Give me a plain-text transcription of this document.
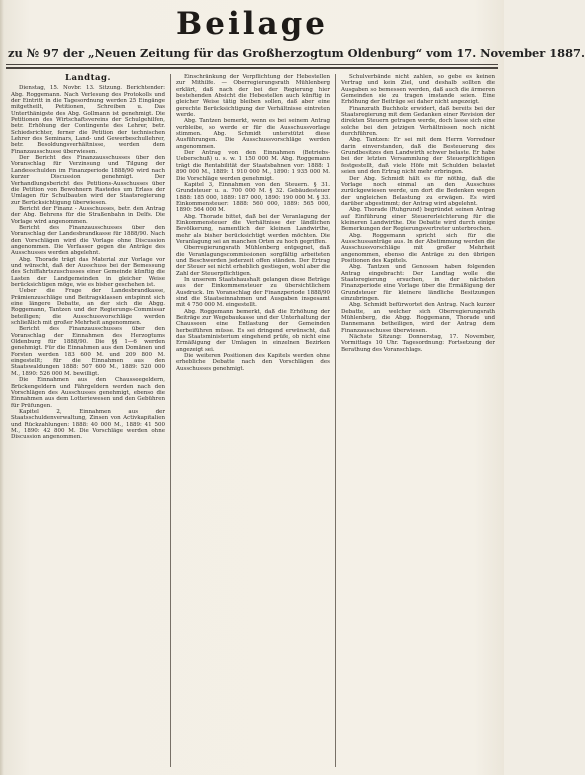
Beilage
zu № 97 der „Neuen Zeitung für das Großherzogtum Oldenburg“ vom 17. November 1887.
Landtag.

Dienstag, 15. Novbr. 13. Sitzung. Berichtender: Abg. Roggemann. Nach Verlesung des Protokolls und der Eintritt in die Tagesordnung werden 25 Eingänge mitgetheilt, Petitionen, Schreiben u. Das Unterthänigste des Abg. Gollmann ist genehmigt. Die Petitionen des Wirtschaftsvereins der Schulgehilfen, betr. Erhöhung der Contingente des Lehrer, betr. Schiedsrichter, ferner die Petition der technischen Lehrer des Seminars, Land- und Gewerbeschullehrer, betr. Besoldungsverhältnisse, werden dem Finanzausschusse überwiesen.

Der Bericht des Finanzausschusses über den Voranschlag für Verzinsung und Tilgung der Landesschulden im Finanzperiode 1888/90 wird nach kurzer Discussion genehmigt. Der Verhandlungsbericht des Petitions-Ausschusses über die Petition von Bewohnern Rastedes um Erlass der Umlagen für Schulbauten wird der Staatsregierung zur Berücksichtigung überwiesen.

Bericht der Finanz - Ausschusses, betr. den Antrag der Abg. Behrens für die Straßenbahn in Delfs. Die Vorlage wird angenommen.

Bericht des Finanzausschusses über den Voranschlag der Landesbrandkasse für 1888/90. Nach den Vorschlägen wird die Vorlage ohne Discussion angenommen. Die Verfasser gegen die Anträge des Ausschusses werden abgelehnt.

Abg. Thorade trägt das Material zur Vorlage vor und wünscht, daß der Ausschuss bei der Bemessung des Schiffahrtszuschusses einer Gemeinde künftig die Lasten der Landgemeinden in gleicher Weise berücksichtigen möge, wie es bisher geschehen ist.

Ueber die Frage der Landesbrandkasse, Prämienzuschläge und Beitragsklassen entspinnt sich eine längere Debatte, an der sich die Abgg. Roggemann, Tantzen und der Regierungs-Commissar beteiligen; die Ausschussvorschläge werden schließlich mit großer Mehrheit angenommen.

Bericht des Finanzausschusses über den Voranschlag der Einnahmen des Herzogtums Oldenburg für 1888/90. Die §§ 1—6 werden genehmigt. Für die Einnahmen aus den Domänen und Forsten werden 183 600 M. und 209 800 M. eingestellt; für die Einnahmen aus den Staatswaldungen 1888: 507 600 M., 1889: 520 000 M., 1890: 526 000 M. bewilligt.

Die Einnahmen aus den Chausseegeldern, Brückengeldern und Fährgeldern werden nach den Vorschlägen des Ausschusses genehmigt, ebenso die Einnahmen aus dem Lotteriewesen und den Gebühren für Prüfungen.

Kapitel 2, Einnahmen aus der Staatsschuldenverwaltung, Zinsen von Activkapitalien und Rückzahlungen: 1888: 40 000 M., 1889: 41 500 M., 1890: 42 800 M. Die Vorschläge werden ohne Discussion angenommen.

Einschränkung der Verpflichtung der Hebestellen zur Mithilfe. — Oberregierungsrath Mühlenberg erklärt, daß nach der bei der Regierung hier bestehenden Absicht die Hebestellen auch künftig in gleicher Weise tätig bleiben sollen, daß aber eine gerechte Berücksichtigung der Verhältnisse eintreten werde.

Abg. Tantzen bemerkt, wenn es bei seinem Antrag verbleibe, so werde er für die Ausschussvorlage stimmen. Abg. Schmidt unterstützt diese Ausführungen. Die Ausschussvorschläge werden angenommen.

Der Antrag von den Einnahmen (Betriebs-Ueberschuß) u. s. w. 1 150 000 M. Abg. Roggemann trägt die Rentabilität der Staatsbahnen vor: 1888: 1 890 000 M., 1889: 1 910 000 M., 1890: 1 935 000 M. Die Vorschläge werden genehmigt.

Kapitel 3, Einnahmen von den Steuern. § 31. Grundsteuer u. a. 700 000 M. § 32. Gebäudesteuer 1888: 185 000, 1889: 187 000, 1890: 190 000 M. § 33. Einkommensteuer: 1888: 560 000, 1889: 565 000, 1890: 564 000 M.

Abg. Thorade bittet, daß bei der Veranlagung der Einkommensteuer die Verhältnisse der ländlichen Bevölkerung, namentlich der kleinen Landwirthe, mehr als bisher berücksichtigt werden möchten. Die Veranlagung sei an manchen Orten zu hoch gegriffen.

Oberregierungsrath Mühlenberg entgegnet, daß die Veranlagungscommissionen sorgfältig arbeiteten und Beschwerden jederzeit offen ständen. Der Ertrag der Steuer sei nicht erheblich gestiegen, wohl aber die Zahl der Steuerpflichtigen.

In unserem Staatshaushalt gelangen diese Beträge aus der Einkommensteuer zu übersichtlichem Ausdruck. Im Voranschlag der Finanzperiode 1888/90 sind die Staatseinnahmen und Ausgaben insgesamt mit 4 750 000 M. eingestellt.

Abg. Roggemann bemerkt, daß die Erhöhung der Beiträge zur Wegebaukasse und der Unterhaltung der Chausseen eine Entlastung der Gemeinden herbeiführen müsse. Es sei dringend erwünscht, daß das Staatsministerium eingehend prüfe, ob nicht eine Ermäßigung der Umlagen in einzelnen Bezirken angezeigt sei.

Die weiteren Positionen des Kapitels werden ohne erhebliche Debatte nach den Vorschlägen des Ausschusses genehmigt.

Schulverbände nicht zahlen, so gebe es keinen Vertrag und kein Ziel, und deshalb sollten die Ausgaben so bemessen werden, daß auch die ärmeren Gemeinden sie zu tragen imstande seien. Eine Erhöhung der Beiträge sei daher nicht angezeigt.

Finanzrath Buchholz erwidert, daß bereits bei der Staatsregierung mit dem Gedanken einer Revision der direkten Steuern getragen werde, doch lasse sich eine solche bei den jetzigen Verhältnissen noch nicht durchführen.

Abg. Tantzen: Er sei mit dem Herrn Vorredner darin einverstanden, daß die Besteuerung des Grundbesitzes den Landwirth schwer belaste. Er habe bei der letzten Versammlung der Steuerpflichtigen festgestellt, daß viele Höfe mit Schulden belastet seien und den Ertrag nicht mehr erbringen.

Der Abg. Schmidt hält es für nöthig, daß die Vorlage noch einmal an den Ausschuss zurückgewiesen werde, um dort die Bedenken wegen der ungleichen Belastung zu erwägen. Es wird darüber abgestimmt; der Antrag wird abgelehnt.

Abg. Thorade (Ruhgrund) begründet seinen Antrag auf Einführung einer Steuererleichterung für die kleineren Landwirthe. Die Debatte wird durch einige Bemerkungen der Regierungsvertreter unterbrochen.

Abg. Roggemann spricht sich für die Ausschussanträge aus. In der Abstimmung werden die Ausschussvorschläge mit großer Mehrheit angenommen, ebenso die Anträge zu den übrigen Positionen des Kapitels.

Abg. Tantzen und Genossen haben folgenden Antrag eingebracht: Der Landtag wolle die Staatsregierung ersuchen, in der nächsten Finanzperiode eine Vorlage über die Ermäßigung der Grundsteuer für kleinere ländliche Besitzungen einzubringen.

Abg. Schmidt befürwortet den Antrag. Nach kurzer Debatte, an welcher sich Oberregierungsrath Mühlenberg, die Abgg. Roggemann, Thorade und Dannemann betheiligen, wird der Antrag dem Finanzausschusse überwiesen.

Nächste Sitzung: Donnerstag, 17. November, Vormittags 10 Uhr. Tagesordnung: Fortsetzung der Berathung des Voranschlags.
